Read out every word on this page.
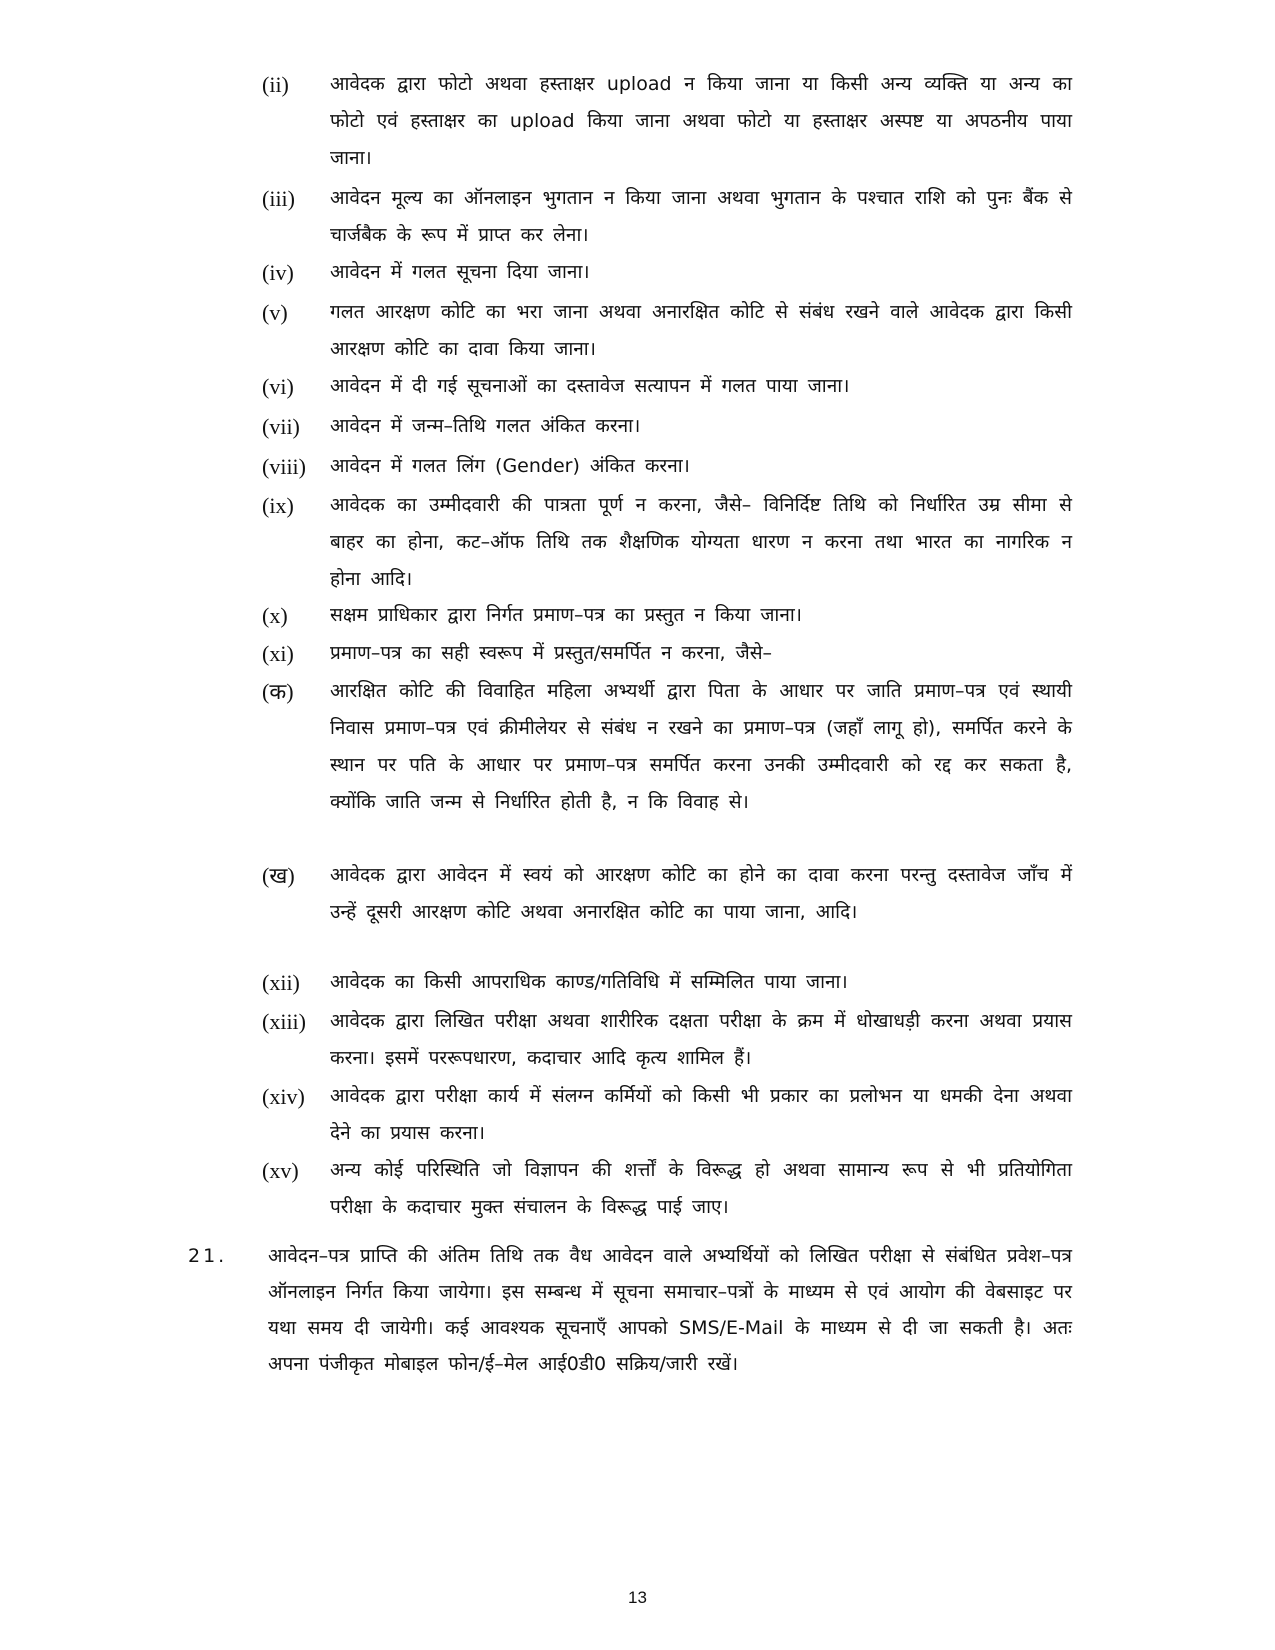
(ii) आवेदक द्वारा फोटो अथवा हस्ताक्षर upload न किया जाना या किसी अन्य व्यक्ति या अन्य का फोटो एवं हस्ताक्षर का upload किया जाना अथवा फोटो या हस्ताक्षर अस्पष्ट या अपठनीय पाया जाना।
(iii) आवेदन मूल्य का ऑनलाइन भुगतान न किया जाना अथवा भुगतान के पश्चात राशि को पुनः बैंक से चार्जबैक के रूप में प्राप्त कर लेना।
(iv) आवेदन में गलत सूचना दिया जाना।
(v) गलत आरक्षण कोटि का भरा जाना अथवा अनारक्षित कोटि से संबंध रखने वाले आवेदक द्वारा किसी आरक्षण कोटि का दावा किया जाना।
(vi) आवेदन में दी गई सूचनाओं का दस्तावेज सत्यापन में गलत पाया जाना।
(vii) आवेदन में जन्म–तिथि गलत अंकित करना।
(viii) आवेदन में गलत लिंग (Gender) अंकित करना।
(ix) आवेदक का उम्मीदवारी की पात्रता पूर्ण न करना, जैसे– विनिर्दिष्ट तिथि को निर्धारित उम्र सीमा से बाहर का होना, कट–ऑफ तिथि तक शैक्षणिक योग्यता धारण न करना तथा भारत का नागरिक न होना आदि।
(x) सक्षम प्राधिकार द्वारा निर्गत प्रमाण–पत्र का प्रस्तुत न किया जाना।
(xi) प्रमाण–पत्र का सही स्वरूप में प्रस्तुत/समर्पित न करना, जैसे–
(क) आरक्षित कोटि की विवाहित महिला अभ्यर्थी द्वारा पिता के आधार पर जाति प्रमाण–पत्र एवं स्थायी निवास प्रमाण–पत्र एवं क्रीमीलेयर से संबंध न रखने का प्रमाण–पत्र (जहाँ लागू हो), समर्पित करने के स्थान पर पति के आधार पर प्रमाण–पत्र समर्पित करना उनकी उम्मीदवारी को रद्द कर सकता है, क्योंकि जाति जन्म से निर्धारित होती है, न कि विवाह से।
(ख) आवेदक द्वारा आवेदन में स्वयं को आरक्षण कोटि का होने का दावा करना परन्तु दस्तावेज जाँच में उन्हें दूसरी आरक्षण कोटि अथवा अनारक्षित कोटि का पाया जाना, आदि।
(xii) आवेदक का किसी आपराधिक काण्ड/गतिविधि में सम्मिलित पाया जाना।
(xiii) आवेदक द्वारा लिखित परीक्षा अथवा शारीरिक दक्षता परीक्षा के क्रम में धोखाधड़ी करना अथवा प्रयास करना। इसमें पररूपधारण, कदाचार आदि कृत्य शामिल हैं।
(xiv) आवेदक द्वारा परीक्षा कार्य में संलग्न कर्मियों को किसी भी प्रकार का प्रलोभन या धमकी देना अथवा देने का प्रयास करना।
(xv) अन्य कोई परिस्थिति जो विज्ञापन की शर्त्तों के विरूद्ध हो अथवा सामान्य रूप से भी प्रतियोगिता परीक्षा के कदाचार मुक्त संचालन के विरूद्ध पाई जाए।
21. आवेदन–पत्र प्राप्ति की अंतिम तिथि तक वैध आवेदन वाले अभ्यर्थियों को लिखित परीक्षा से संबंधित प्रवेश–पत्र ऑनलाइन निर्गत किया जायेगा। इस सम्बन्ध में सूचना समाचार–पत्रों के माध्यम से एवं आयोग की वेबसाइट पर यथा समय दी जायेगी। कई आवश्यक सूचनाएँ आपको SMS/E-Mail के माध्यम से दी जा सकती है। अतः अपना पंजीकृत मोबाइल फोन/ई–मेल आई0डी0 सक्रिय/जारी रखें।
13
